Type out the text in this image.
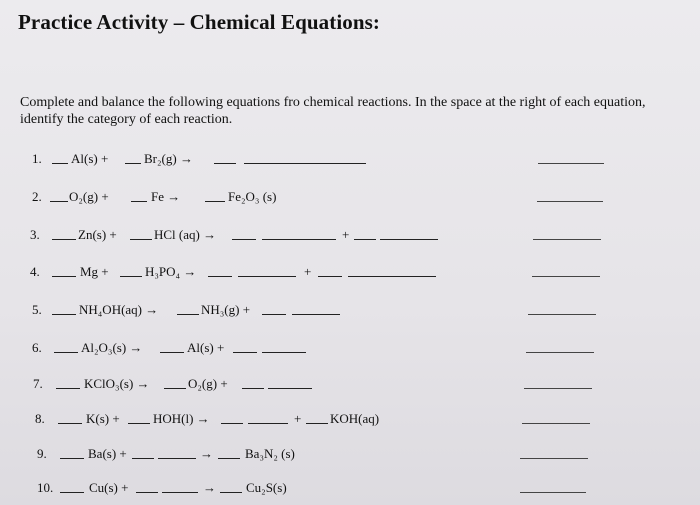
Practice Activity – Chemical Equations:
Complete and balance the following equations fro chemical reactions. In the space at the right of each equation, identify the category of each reaction.
1. Al(s) +	Br₂(g) →
2. O₂(g) +	Fe →	Fe₂O₃ (s)
3.	Zn(s) +	HCl (aq) →	+
4.	Mg +	H₃PO₄ →	+
5.	NH₄OH(aq) →	NH₃(g) +
6.	Al₂O₃(s) →	Al(s) +
7.	KClO₃(s) →	O₂(g) +
8.	K(s) +	HOH(l) →	+ KOH(aq)
9.	Ba(s) +	→ Ba₃N₂ (s)
10.	Cu(s) +	→ Cu₂S(s)
